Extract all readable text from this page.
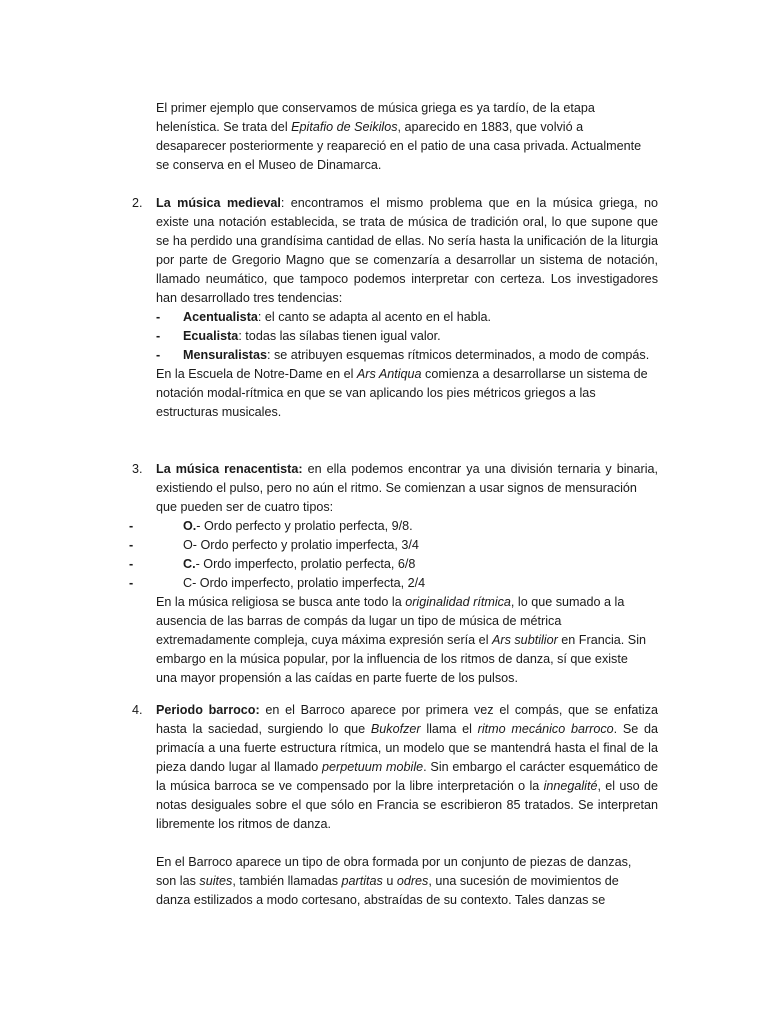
El primer ejemplo que conservamos de música griega es ya tardío, de la etapa
helenística. Se trata del Epitafio de Seikilos, aparecido en 1883, que volvió a
desaparecer posteriormente y reapareció en el patio de una casa privada. Actualmente
se conserva en el Museo de Dinamarca.
2. La música medieval: encontramos el mismo problema que en la música griega, no existe una notación establecida, se trata de música de tradición oral, lo que supone que se ha perdido una grandísima cantidad de ellas. No sería hasta la unificación de la liturgia por parte de Gregorio Magno que se comenzaría a desarrollar un sistema de notación, llamado neumático, que tampoco podemos interpretar con certeza. Los investigadores han desarrollado tres tendencias:

- Acentualista: el canto se adapta al acento en el habla.
- Ecualista: todas las sílabas tienen igual valor.
- Mensuralistas: se atribuyen esquemas rítmicos determinados, a modo de compás.
En la Escuela de Notre-Dame en el Ars Antiqua comienza a desarrollarse un sistema de
notación modal-rítmica en que se van aplicando los pies métricos griegos a las
estructuras musicales.
3. La música renacentista: en ella podemos encontrar ya una división ternaria y binaria,
existiendo el pulso, pero no aún el ritmo. Se comienzan a usar signos de mensuración
que pueden ser de cuatro tipos:
-	O.- Ordo perfecto y prolatio perfecta, 9/8.
-	O- Ordo perfecto y prolatio imperfecta, 3/4
-	C.- Ordo imperfecto, prolatio perfecta, 6/8
-	C- Ordo imperfecto, prolatio imperfecta, 2/4
En la música religiosa se busca ante todo la originalidad rítmica, lo que sumado a la
ausencia de las barras de compás da lugar un tipo de música de métrica
extremadamente compleja, cuya máxima expresión sería el Ars subtilior en Francia. Sin
embargo en la música popular, por la influencia de los ritmos de danza, sí que existe
una mayor propensión a las caídas en parte fuerte de los pulsos.
4. Periodo barroco: en el Barroco aparece por primera vez el compás, que se enfatiza hasta la saciedad, surgiendo lo que Bukofzer llama el ritmo mecánico barroco. Se da primacía a una fuerte estructura rítmica, un modelo que se mantendrá hasta el final de la pieza dando lugar al llamado perpetuum mobile. Sin embargo el carácter esquemático de la música barroca se ve compensado por la libre interpretación o la innegalité, el uso de notas desiguales sobre el que sólo en Francia se escribieron 85 tratados. Se interpretan libremente los ritmos de danza.

En el Barroco aparece un tipo de obra formada por un conjunto de piezas de danzas,
son las suites, también llamadas partitas u odres, una sucesión de movimientos de
danza estilizados a modo cortesano, abstraídas de su contexto. Tales danzas se
